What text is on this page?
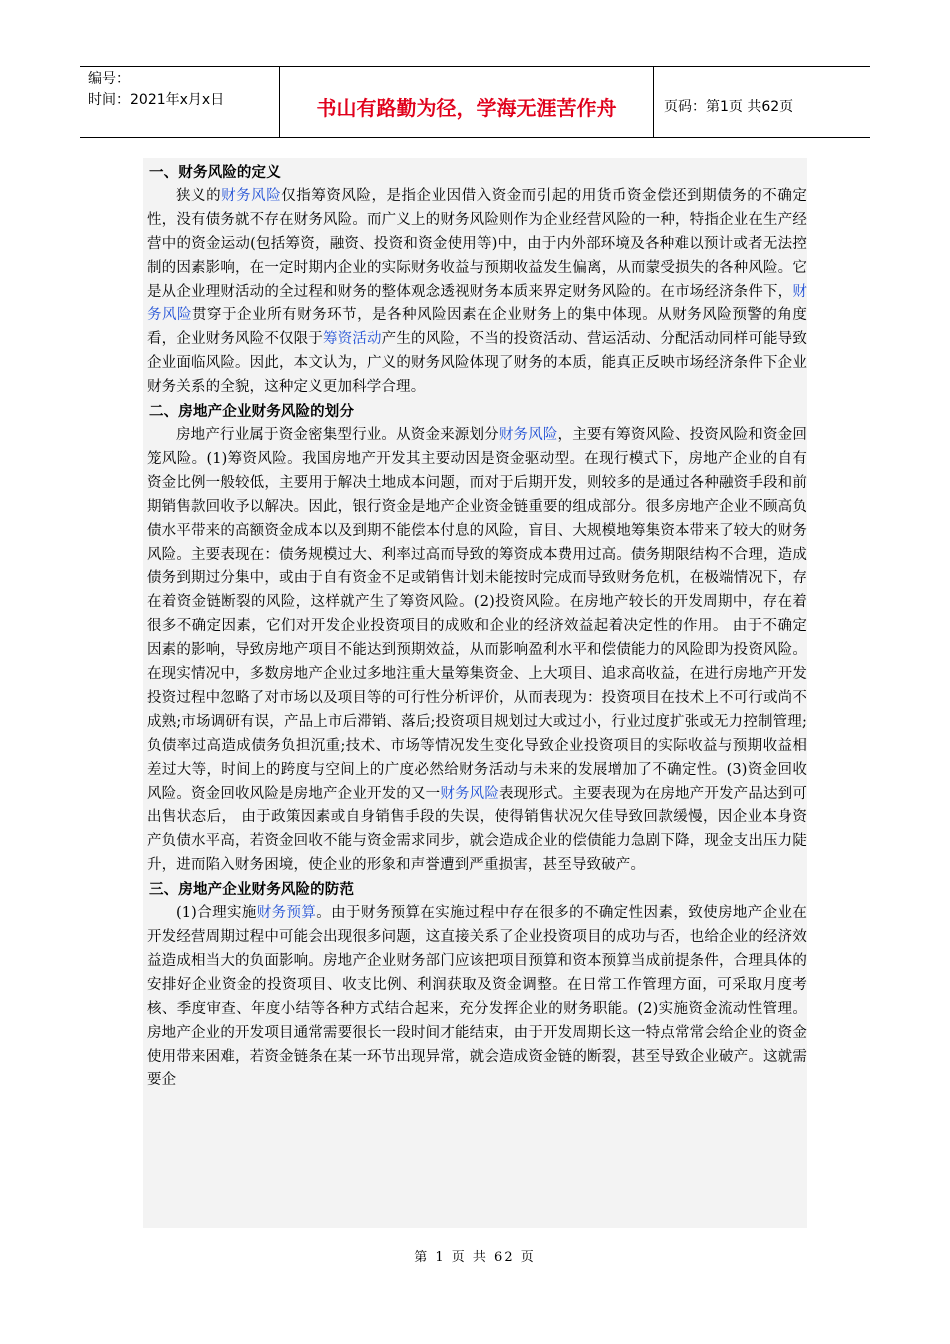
编号：
时间：2021年x月x日	书山有路勤为径，学海无涯苦作舟	页码：第1页 共62页
一、财务风险的定义
狭义的财务风险仅指筹资风险，是指企业因借入资金而引起的用货币资金偿还到期债务的不确定性，没有债务就不存在财务风险。而广义上的财务风险则作为企业经营风险的一种，特指企业在生产经营中的资金运动(包括筹资，融资、投资和资金使用等)中，由于内外部环境及各种难以预计或者无法控制的因素影响，在一定时期内企业的实际财务收益与预期收益发生偏离，从而蒙受损失的各种风险。它是从企业理财活动的全过程和财务的整体观念透视财务本质来界定财务风险的。在市场经济条件下，财务风险贯穿于企业所有财务环节，是各种风险因素在企业财务上的集中体现。从财务风险预警的角度看，企业财务风险不仅限于筹资活动产生的风险，不当的投资活动、营运活动、分配活动同样可能导致企业面临风险。因此，本文认为，广义的财务风险体现了财务的本质，能真正反映市场经济条件下企业财务关系的全貌，这种定义更加科学合理。
二、房地产企业财务风险的划分
房地产行业属于资金密集型行业。从资金来源划分财务风险，主要有筹资风险、投资风险和资金回笼风险。(1)筹资风险。我国房地产开发其主要动因是资金驱动型。在现行模式下，房地产企业的自有资金比例一般较低，主要用于解决土地成本问题，而对于后期开发，则较多的是通过各种融资手段和前期销售款回收予以解决。因此，银行资金是地产企业资金链重要的组成部分。很多房地产企业不顾高负债水平带来的高额资金成本以及到期不能偿本付息的风险，盲目、大规模地筹集资本带来了较大的财务风险。主要表现在：债务规模过大、利率过高而导致的筹资成本费用过高。债务期限结构不合理，造成债务到期过分集中，或由于自有资金不足或销售计划未能按时完成而导致财务危机，在极端情况下，存在着资金链断裂的风险，这样就产生了筹资风险。(2)投资风险。在房地产较长的开发周期中，存在着很多不确定因素，它们对开发企业投资项目的成败和企业的经济效益起着决定性的作用。 由于不确定因素的影响，导致房地产项目不能达到预期效益，从而影响盈利水平和偿债能力的风险即为投资风险。在现实情况中，多数房地产企业过多地注重大量筹集资金、上大项目、追求高收益，在进行房地产开发投资过程中忽略了对市场以及项目等的可行性分析评价，从而表现为：投资项目在技术上不可行或尚不成熟;市场调研有误，产品上市后滞销、落后;投资项目规划过大或过小，行业过度扩张或无力控制管理;负债率过高造成债务负担沉重;技术、市场等情况发生变化导致企业投资项目的实际收益与预期收益相差过大等，时间上的跨度与空间上的广度必然给财务活动与未来的发展增加了不确定性。(3)资金回收风险。资金回收风险是房地产企业开发的又一财务风险表现形式。主要表现为在房地产开发产品达到可出售状态后， 由于政策因素或自身销售手段的失误，使得销售状况欠佳导致回款缓慢，因企业本身资产负债水平高，若资金回收不能与资金需求同步，就会造成企业的偿债能力急剧下降，现金支出压力陡升，进而陷入财务困境，使企业的形象和声誉遭到严重损害，甚至导致破产。
三、房地产企业财务风险的防范
(1)合理实施财务预算。由于财务预算在实施过程中存在很多的不确定性因素，致使房地产企业在开发经营周期过程中可能会出现很多问题，这直接关系了企业投资项目的成功与否，也给企业的经济效益造成相当大的负面影响。房地产企业财务部门应该把项目预算和资本预算当成前提条件，合理具体的安排好企业资金的投资项目、收支比例、利润获取及资金调整。在日常工作管理方面，可采取月度考核、季度审查、年度小结等各种方式结合起来，充分发挥企业的财务职能。(2)实施资金流动性管理。房地产企业的开发项目通常需要很长一段时间才能结束，由于开发周期长这一特点常常会给企业的资金使用带来困难，若资金链条在某一环节出现异常，就会造成资金链的断裂，甚至导致企业破产。这就需要企
第 1 页 共 62 页
